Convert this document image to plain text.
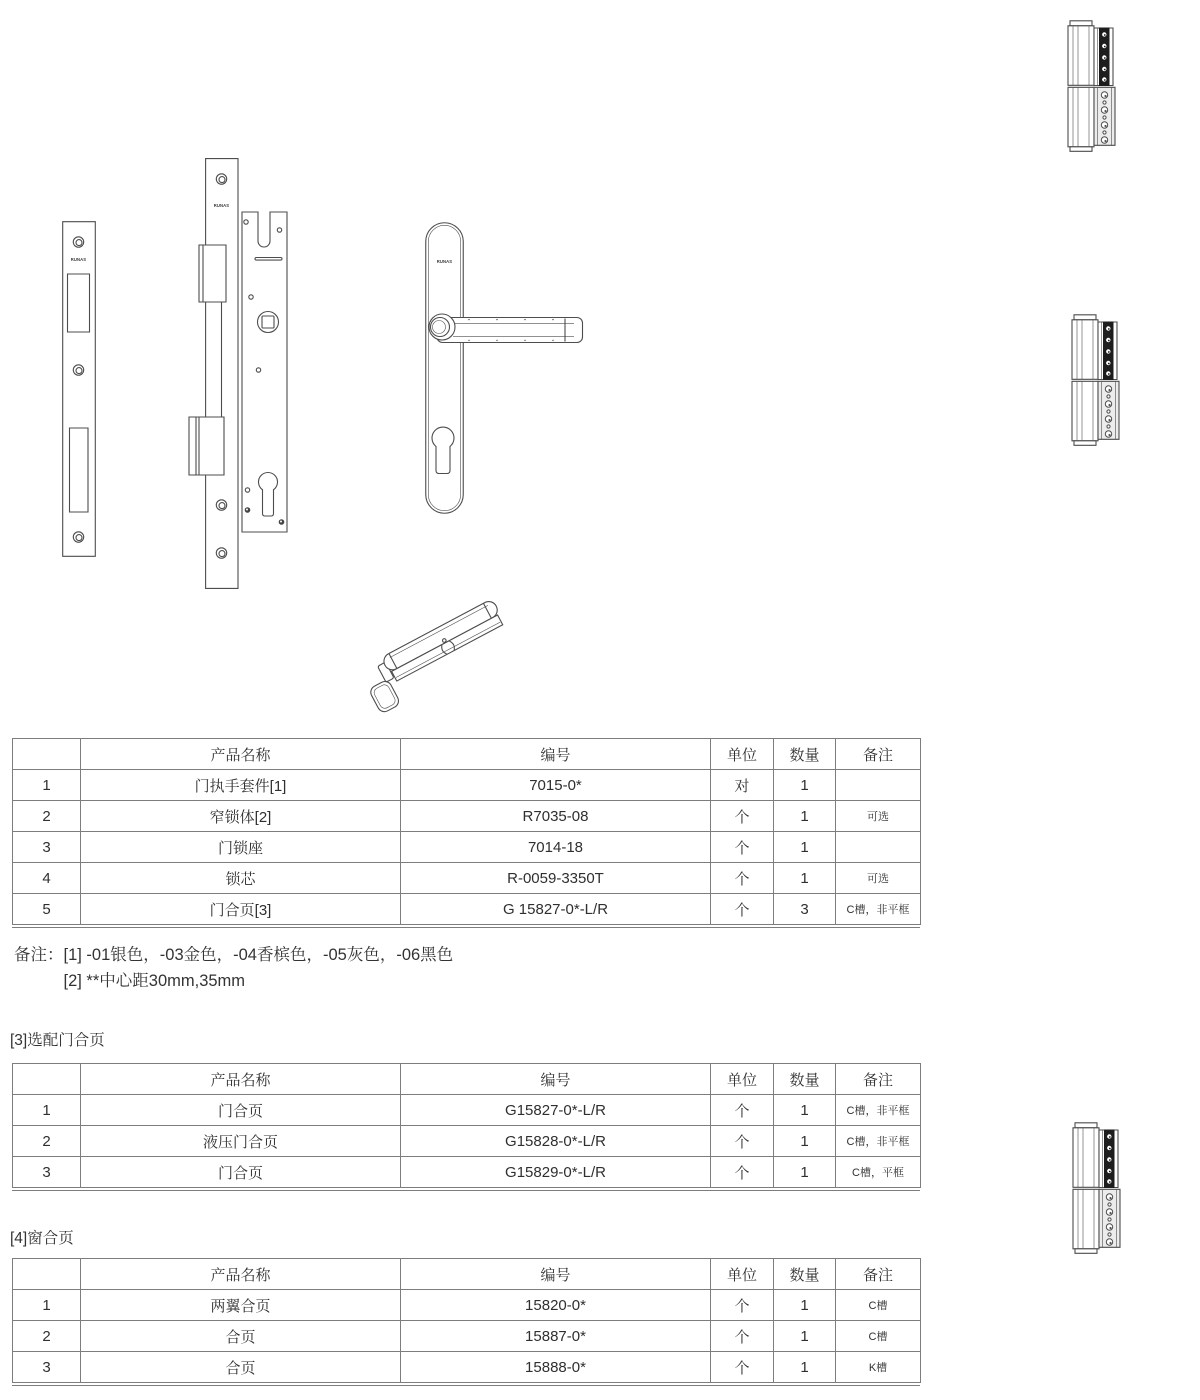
RUNAS
RUNAS
RUNAS
	产品名称	编号	单位	数量	备注
1	门执手套件[1]	7015-0*	对	1	
2	窄锁体[2]	R7035-08	个	1	可选
3	门锁座	7014-18	个	1	
4	锁芯	R-0059-3350T	个	1	可选
5	门合页[3]	G 15827-0*-L/R	个	3	C槽，非平框
备注： [1] -01银色，-03金色，-04香槟色，-05灰色，-06黑色
[2] **中心距30mm,35mm
[3]选配门合页
	产品名称	编号	单位	数量	备注
1	门合页	G15827-0*-L/R	个	1	C槽，非平框
2	液压门合页	G15828-0*-L/R	个	1	C槽，非平框
3	门合页	G15829-0*-L/R	个	1	C槽，平框
[4]窗合页
	产品名称	编号	单位	数量	备注
1	两翼合页	15820-0*	个	1	C槽
2	合页	15887-0*	个	1	C槽
3	合页	15888-0*	个	1	K槽
